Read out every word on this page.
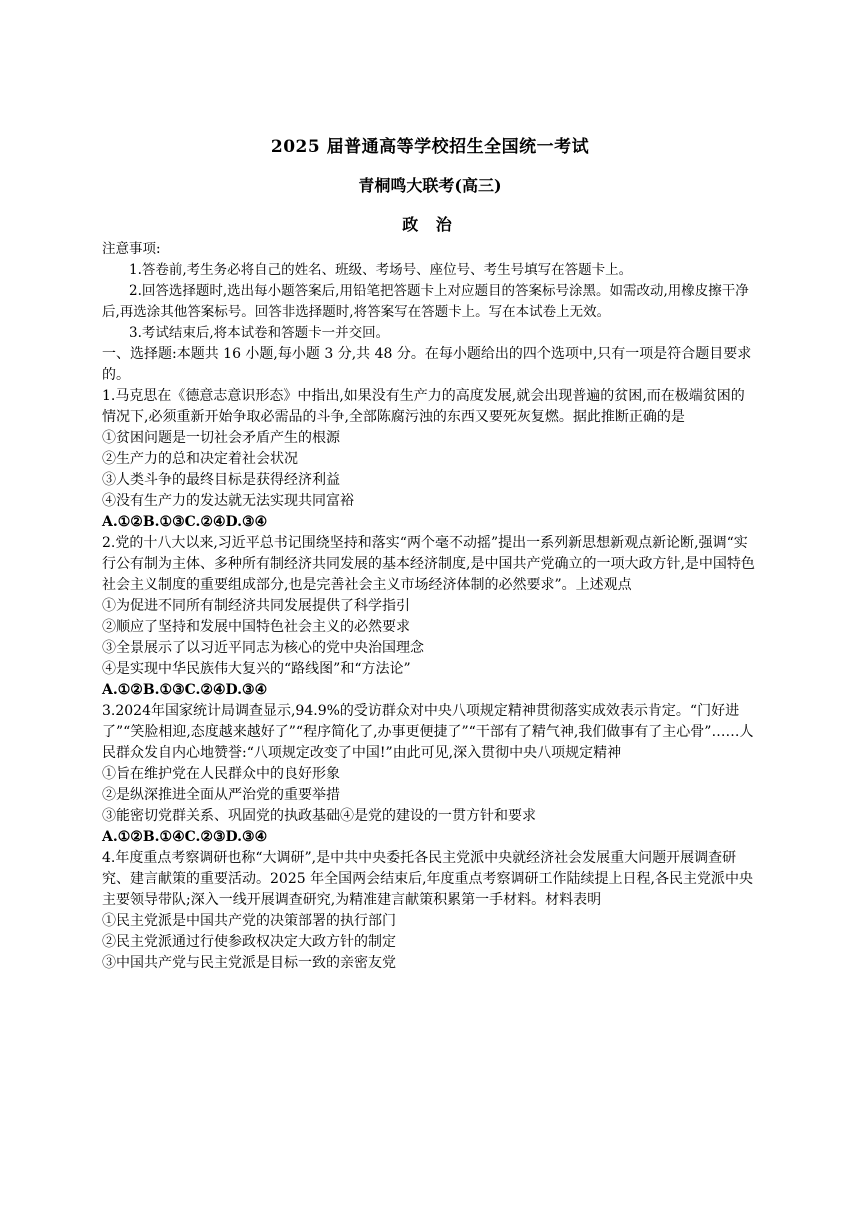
2025 届普通高等学校招生全国统一考试
青桐鸣大联考(高三)
政 治
注意事项:
1.答卷前,考生务必将自己的姓名、班级、考场号、座位号、考生号填写在答题卡上。
2.回答选择题时,选出每小题答案后,用铅笔把答题卡上对应题目的答案标号涂黑。如需改动,用橡皮擦干净后,再选涂其他答案标号。回答非选择题时,将答案写在答题卡上。写在本试卷上无效。
3.考试结束后,将本试卷和答题卡一并交回。
一、选择题:本题共 16 小题,每小题 3 分,共 48 分。在每小题给出的四个选项中,只有一项是符合题目要求的。
1.马克思在《德意志意识形态》中指出,如果没有生产力的高度发展,就会出现普遍的贫困,而在极端贫困的情况下,必须重新开始争取必需品的斗争,全部陈腐污浊的东西又要死灰复燃。据此推断正确的是
①贫困问题是一切社会矛盾产生的根源
②生产力的总和决定着社会状况
③人类斗争的最终目标是获得经济利益
④没有生产力的发达就无法实现共同富裕
A.①②B.①③C.②④D.③④
2.党的十八大以来,习近平总书记围绕坚持和落实“两个毫不动摇”提出一系列新思想新观点新论断,强调“实行公有制为主体、多种所有制经济共同发展的基本经济制度,是中国共产党确立的一项大政方针,是中国特色社会主义制度的重要组成部分,也是完善社会主义市场经济体制的必然要求”。上述观点
①为促进不同所有制经济共同发展提供了科学指引
②顺应了坚持和发展中国特色社会主义的必然要求
③全景展示了以习近平同志为核心的党中央治国理念
④是实现中华民族伟大复兴的“路线图”和“方法论”
A.①②B.①③C.②④D.③④
3.2024年国家统计局调查显示,94.9%的受访群众对中央八项规定精神贯彻落实成效表示肯定。“门好进了”“笑脸相迎,态度越来越好了”“程序简化了,办事更便捷了”“干部有了精气神,我们做事有了主心骨”……人民群众发自内心地赞誉:“八项规定改变了中国!”由此可见,深入贯彻中央八项规定精神
①旨在维护党在人民群众中的良好形象
②是纵深推进全面从严治党的重要举措
③能密切党群关系、巩固党的执政基础④是党的建设的一贯方针和要求
A.①②B.①④C.②③D.③④
4.年度重点考察调研也称“大调研”,是中共中央委托各民主党派中央就经济社会发展重大问题开展调查研究、建言献策的重要活动。2025 年全国两会结束后,年度重点考察调研工作陆续提上日程,各民主党派中央主要领导带队;深入一线开展调查研究,为精准建言献策积累第一手材料。材料表明
①民主党派是中国共产党的决策部署的执行部门
②民主党派通过行使参政权决定大政方针的制定
③中国共产党与民主党派是目标一致的亲密友党
